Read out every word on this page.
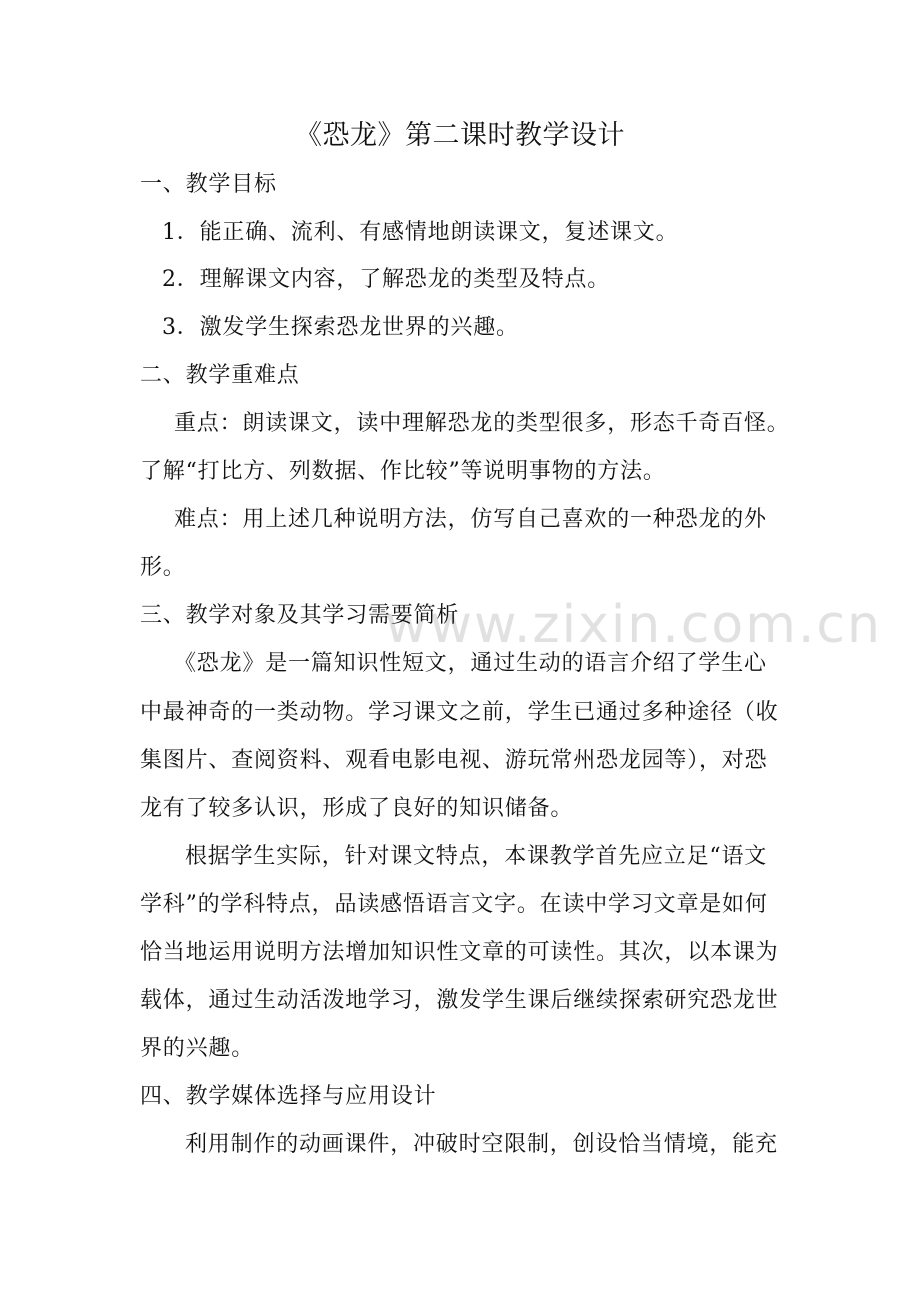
www.zixin.com.cn
《恐龙》第二课时教学设计
一、教学目标
1．能正确、流利、有感情地朗读课文，复述课文。
2．理解课文内容，了解恐龙的类型及特点。
3．激发学生探索恐龙世界的兴趣。
二、教学重难点
重点：朗读课文，读中理解恐龙的类型很多，形态千奇百怪。
了解“打比方、列数据、作比较”等说明事物的方法。
难点：用上述几种说明方法，仿写自己喜欢的一种恐龙的外
形。
三、教学对象及其学习需要简析
《恐龙》是一篇知识性短文，通过生动的语言介绍了学生心
中最神奇的一类动物。学习课文之前，学生已通过多种途径（收
集图片、查阅资料、观看电影电视、游玩常州恐龙园等），对恐
龙有了较多认识，形成了良好的知识储备。
根据学生实际，针对课文特点，本课教学首先应立足“语文
学科”的学科特点，品读感悟语言文字。在读中学习文章是如何
恰当地运用说明方法增加知识性文章的可读性。其次，以本课为
载体，通过生动活泼地学习，激发学生课后继续探索研究恐龙世
界的兴趣。
四、教学媒体选择与应用设计
利用制作的动画课件，冲破时空限制，创设恰当情境，能充
